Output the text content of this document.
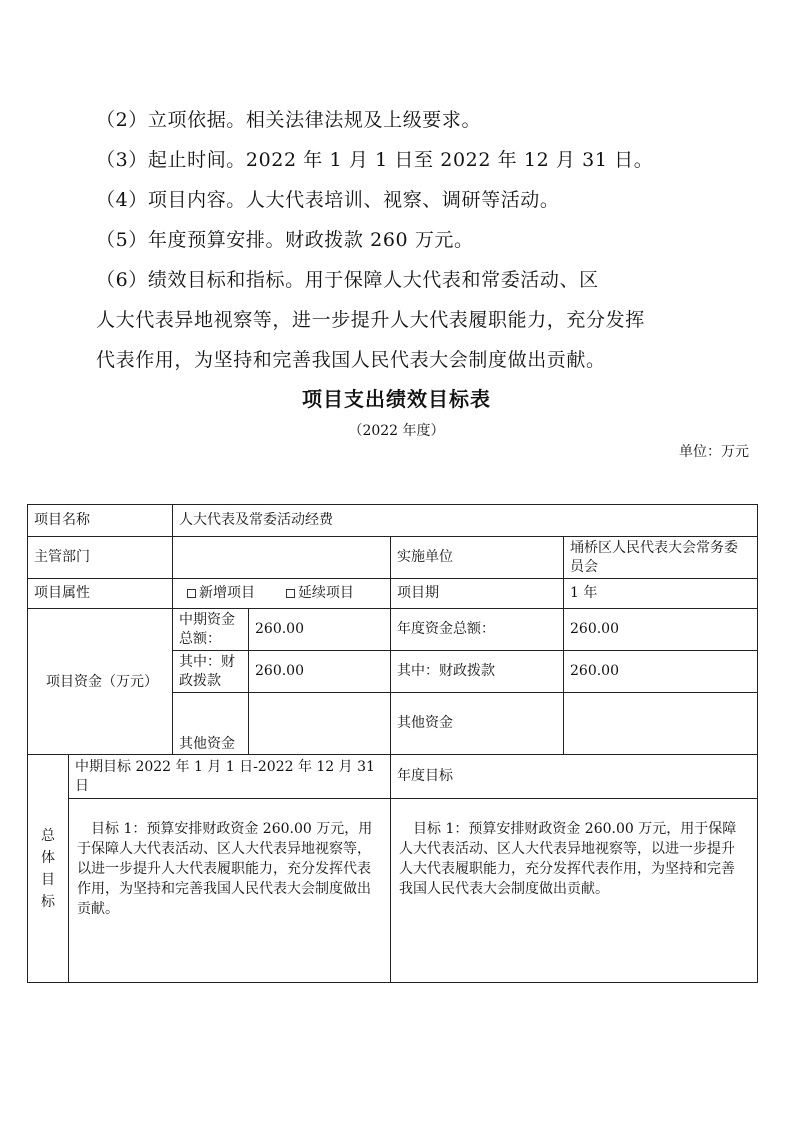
（2）立项依据。相关法律法规及上级要求。

（3）起止时间。2022 年 1 月 1 日至 2022 年 12 月 31 日。

（4）项目内容。人大代表培训、视察、调研等活动。

（5）年度预算安排。财政拨款 260 万元。

（6）绩效目标和指标。用于保障人大代表和常委活动、区

人大代表异地视察等，进一步提升人大代表履职能力，充分发挥

代表作用，为坚持和完善我国人民代表大会制度做出贡献。

项目支出绩效目标表
（2022 年度）
单位：万元
项目名称		人大代表及常委活动经费			
主管部门				实施单位	埇桥区人民代表大会常务委员会
项目属性		新增项目 延续项目		项目期	1 年
项目资金（万元）		中期资金总额：	260.00	年度资金总额：	260.00
		其中：财政拨款	260.00	其中：财政拨款	260.00
		其他资金		其他资金	
总体目标	中期目标 2022 年 1 月 1 日-2022 年 12 月 31 日			年度目标	
	目标 1：预算安排财政资金 260.00 万元，用于保障人大代表活动、区人大代表异地视察等，以进一步提升人大代表履职能力，充分发挥代表作用，为坚持和完善我国人民代表大会制度做出贡献。			目标 1：预算安排财政资金 260.00 万元，用于保障人大代表活动、区人大代表异地视察等，以进一步提升人大代表履职能力，充分发挥代表作用，为坚持和完善我国人民代表大会制度做出贡献。	
